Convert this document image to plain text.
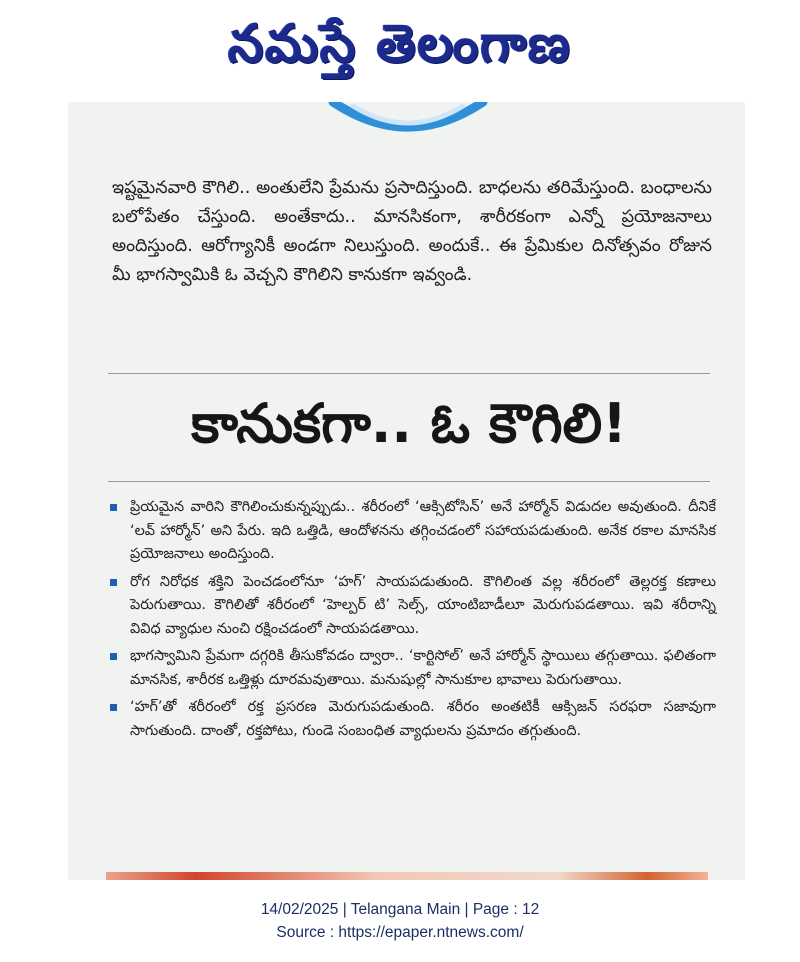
నమస్తే తెలంగాణ

ఇష్టమైనవారి కౌగిలి.. అంతులేని ప్రేమను ప్రసాదిస్తుంది. బాధలను తరిమేస్తుంది. బంధాలను బలోపేతం చేస్తుంది. అంతేకాదు.. మానసికంగా, శారీరకంగా ఎన్నో ప్రయోజనాలు అందిస్తుంది. ఆరోగ్యానికీ అండగా నిలుస్తుంది. అందుకే.. ఈ ప్రేమికుల దినోత్సవం రోజున మీ భాగస్వామికి ఓ వెచ్చని కౌగిలిని కానుకగా ఇవ్వండి.

కానుకగా.. ఓ కౌగిలి!
ప్రియమైన వారిని కౌగిలించుకున్నప్పుడు.. శరీరంలో ‘ఆక్సిటోసిన్’ అనే హార్మోన్ విడుదల అవుతుంది. దీనికే ‘లవ్ హార్మోన్’ అని పేరు. ఇది ఒత్తిడి, ఆందోళనను తగ్గించడంలో సహాయపడుతుంది. అనేక రకాల మానసిక ప్రయోజనాలు అందిస్తుంది.
రోగ నిరోధక శక్తిని పెంచడంలోనూ ‘హగ్’ సాయపడుతుంది. కౌగిలింత వల్ల శరీరంలో తెల్లరక్త కణాలు పెరుగుతాయి. కౌగిలితో శరీరంలో ‘హెల్పర్ టి’ సెల్స్, యాంటిబాడీలూ మెరుగుపడతాయి. ఇవి శరీరాన్ని వివిధ వ్యాధుల నుంచి రక్షించడంలో సాయపడతాయి.
భాగస్వామిని ప్రేమగా దగ్గరికి తీసుకోవడం ద్వారా.. ‘కార్టిసోల్’ అనే హార్మోన్ స్థాయిలు తగ్గుతాయి. ఫలితంగా మానసిక, శారీరక ఒత్తిళ్లు దూరమవుతాయి. మనుషుల్లో సానుకూల భావాలు పెరుగుతాయి.
‘హగ్’తో శరీరంలో రక్త ప్రసరణ మెరుగుపడుతుంది. శరీరం అంతటికీ ఆక్సిజన్ సరఫరా సజావుగా సాగుతుంది. దాంతో, రక్తపోటు, గుండె సంబంధిత వ్యాధులను ప్రమాదం తగ్గుతుంది.

14/02/2025 | Telangana Main | Page : 12

Source : https://epaper.ntnews.com/
